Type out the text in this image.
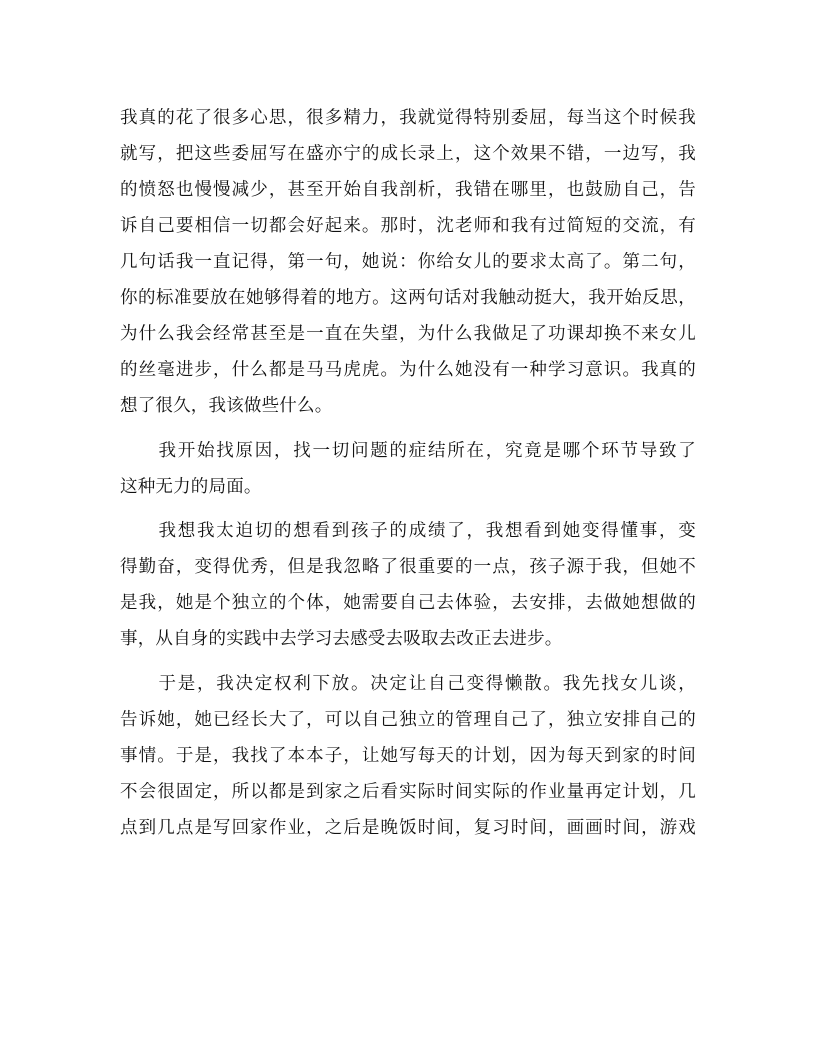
我真的花了很多心思，很多精力，我就觉得特别委屈，每当这个时候我
就写，把这些委屈写在盛亦宁的成长录上，这个效果不错，一边写，我
的愤怒也慢慢减少，甚至开始自我剖析，我错在哪里，也鼓励自己，告
诉自己要相信一切都会好起来。那时，沈老师和我有过简短的交流，有
几句话我一直记得，第一句，她说：你给女儿的要求太高了。第二句，
你的标准要放在她够得着的地方。这两句话对我触动挺大，我开始反思，
为什么我会经常甚至是一直在失望，为什么我做足了功课却换不来女儿
的丝毫进步，什么都是马马虎虎。为什么她没有一种学习意识。我真的
想了很久，我该做些什么。
　　我开始找原因，找一切问题的症结所在，究竟是哪个环节导致了
这种无力的局面。
　　我想我太迫切的想看到孩子的成绩了，我想看到她变得懂事，变
得勤奋，变得优秀，但是我忽略了很重要的一点，孩子源于我，但她不
是我，她是个独立的个体，她需要自己去体验，去安排，去做她想做的
事，从自身的实践中去学习去感受去吸取去改正去进步。
　　于是，我决定权利下放。决定让自己变得懒散。我先找女儿谈，
告诉她，她已经长大了，可以自己独立的管理自己了，独立安排自己的
事情。于是，我找了本本子，让她写每天的计划，因为每天到家的时间
不会很固定，所以都是到家之后看实际时间实际的作业量再定计划，几
点到几点是写回家作业，之后是晚饭时间，复习时间，画画时间，游戏
